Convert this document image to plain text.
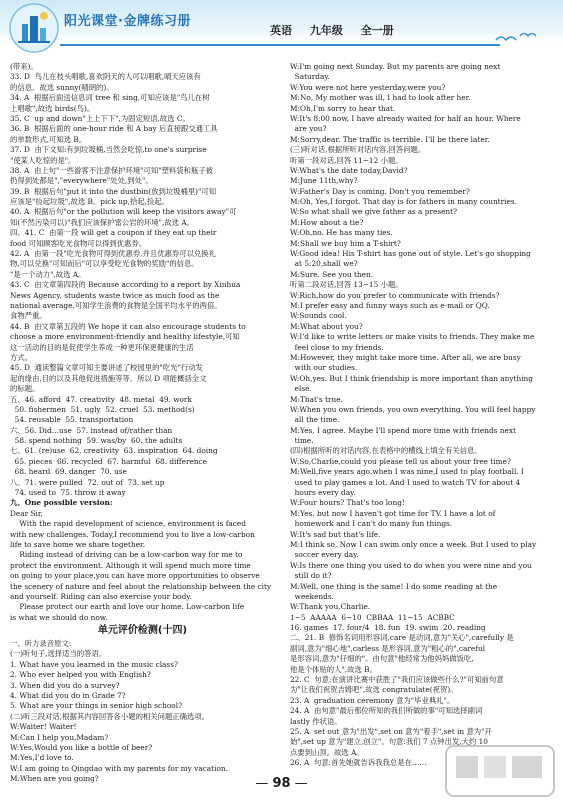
阳光课堂·金牌练习册
英语 九年级 全一册
(带来)。
33. D  鸟儿在枝头唱歌,喜欢阴天的人可以唱歌,晴天应该有
的信息。故选 sunny(晴朗的)。
34. A  根据后面送信息词 tree 和 sing,可知应该是"鸟儿在树
上唱歌",故选 birds(鸟)。
35. C  up and down"上上下下",为固定短语,故选 C。
36. B  根据后面的 one-hour ride 和 A bay 后直接跟交通工具
的单数形式,可知选 B。
37. D  由下文知:有到垃圾桶,当然会吃惊,to one's surprise
"使某人吃惊的是"。
38. A  由上句"一些游客不注意保护环境"可知"塑料袋和瓶子被
扔得到处都是","everywhere"处处,到处"。
39. B  根据后句"put it into the dustbin(放到垃圾桶里)"可知
应该是"捡起垃圾",故选 B。pick up,拾起,捡起。
40. A  根据后句"or the pollution will keep the visitors away"可
知(不然污染可以)"我们应该保护雷公岩的环境",故选 A。
四、41. C  由第一段 will get a coupon if they eat up their
food 可知顾客吃光食物可以得到优惠券。
42. A  由第一段"吃光食物可得到优惠券,并且优惠券可以兑换礼
物,可以兑换"可知而后"可以享受吃光食物的奖励"的信息。
"是一个动力",故选 A。
43. C  由文章第四段的 Because according to a report by Xinhua
News Agency, students waste twice as much food as the
national average,可知学生浪费的食物是全国平均水平的两倍。
食物严重。
44. B  由文章第五段的 We hope it can also encourage students to
choose a more environment-friendly and healthy lifestyle,可知
这一活动的目的是促使学生养成一种更环保更健康的生活
方式。
45. D  通读整篇文章可知主要讲述了校园里的"吃光"行动发
起的缘由,目的以及其他促进措施等等。所以 D 项能概括全文
的标题。
五、46. afford  47. creativity  48. metal  49. work
50. fishermen  51. ugly  52. cruel  53. method(s)
54. reusable  55. transportation
六、56. Did…use  57. instead of/rather than
58. spend nothing  59. was/by  60. the adults
七、61. (re)use  62. creativity  63. inspiration  64. doing
65. pieces  66. recycled  67. harmful  68. difference
68. heard  69. danger  70. use
八、71. were pulled  72. out of  73. set up
74. used to  75. throw it away
九、One possible version:
Dear Sir,
With the rapid development of science, environment is faced
with new challenges. Today,I recommend you to live a low-carbon
life to save home we share together.
Riding instead of driving can be a low-carbon way for me to
protect the environment. Although it will spend much more time
on going to your place,you can have more opportunities to observe
the scenery of nature and feel about the relationship between the city
and yourself. Riding can also exercise your body.
Please protect our earth and love our home. Low-carbon life
is what we should do now.
单元评价检测(十四)
一、听力录音原文:
(一)听句子,选择适当的答语。
1. What have you learned in the music class?
2. Who ever helped you with English?
3. When did you do a survey?
4. What did you do in Grade 7?
5. What are your things in senior high school?
(二)听三段对话,根据其内容回答各小题的相关问题正确选项。
W:Waiter! Waiter!
M:Can I help you,Madam?
W:Yes,Would you like a bottle of beer?
M:Yes,I'd love to.
W:I am going to Qingdao with my parents for my vacation.
M:When are you going?
W:I'm going next Sunday. But my parents are going next
Saturday.
W:You were not here yesterday,were you?
M:No, My mother was ill, I had to look after her.
M:Oh,I'm sorry to hear that.
W:It's 8:00 now, I have already waited for half an hour. Where
are you?
M:Sorry,dear. The traffic is terrible. I'll be there later.
(三)听对话,根据所听对话内容,回答问题。
听第一段对话,回答 11~12 小题。
W:What's the date today,David?
M:June 11th,why?
W:Father's Day is coming. Don't you remember?
M:Oh, Yes,I forgot. That day is for fathers in many countries.
W:So what shall we give father as a present?
M:How about a tie?
W:Oh,no. He has many ties.
M:Shall we buy him a T-shirt?
W:Good idea! His T-shirt has gone out of style. Let's go shopping
at 5:20,shall we?
M:Sure. See you then.
听第二段对话,回答 13~15 小题。
W:Rich,how do you prefer to communicate with friends?
M:I prefer easy and funny ways such as e-mail or QQ.
W:Sounds cool.
M:What about you?
W:I'd like to write letters or make visits to friends. They make me
feel close to my friends.
M:However, they might take more time. After all, we are busy
with our studies.
W:Oh,yes. But I think friendship is more important than anything
else.
M:That's true.
W:When you own friends, you own everything. You will feel happy
all the time.
M:Yes, I agree. Maybe I'll spend more time with friends next
time.
(四)根据所听的对话内容,在表格中的横线上填全有关信息。
W:So,Charlie,could you please tell us about your free time?
M:Well,five years ago,when I was nine,I used to play football. I
used to play games a lot. And I used to watch TV for about 4
hours every day.
W:Four hours? That's too long!
M:Yes, but now I haven't got time for TV. I have a lot of
homework and I can't do many fun things.
W:It's sad but that's life.
M:I think so, Now I can swim only once a week. But I used to play
soccer every day.
W:Is there one thing you used to do when you were nine and you
still do it?
M:Well, one thing is the same! I do some reading at the
weekends.
W:Thank you,Charlie.
1~5  AAAAA  6~10  CBBAA  11~15  ACBBC
16. games  17. four/4  18. fun  19. swim  20. reading
二、21. B  修饰名词用形容词,care 是动词,意为"关心",carefully 是
副词,意为"细心地",carless 是形容词,意为"粗心的",careful
是形容词,意为"仔细的"。由句意"他经常为他妈妈做饭吃,
他是个体贴的人",故选 B。
22. C  句意:在演讲比赛中获胜了"我们应该做些什么?"可知前句意
为"让我们祝贺吉姆吧",故选 congratulate(祝贺)。
23. A  graduation ceremony 意为"毕业典礼"。
24. A  由句意"最后那位所知的我们所做的事"可知选择副词
lastly 作状语。
25. A  set out 意为"出发",set on 意为"着手",set in 意为"开
始",set up 意为"建立,创立"。句意:我们 7 点钟出发,大约 10
点要到山顶。故选 A。
26. A  句意:首先她就告诉我我总是在……
— 98 —
